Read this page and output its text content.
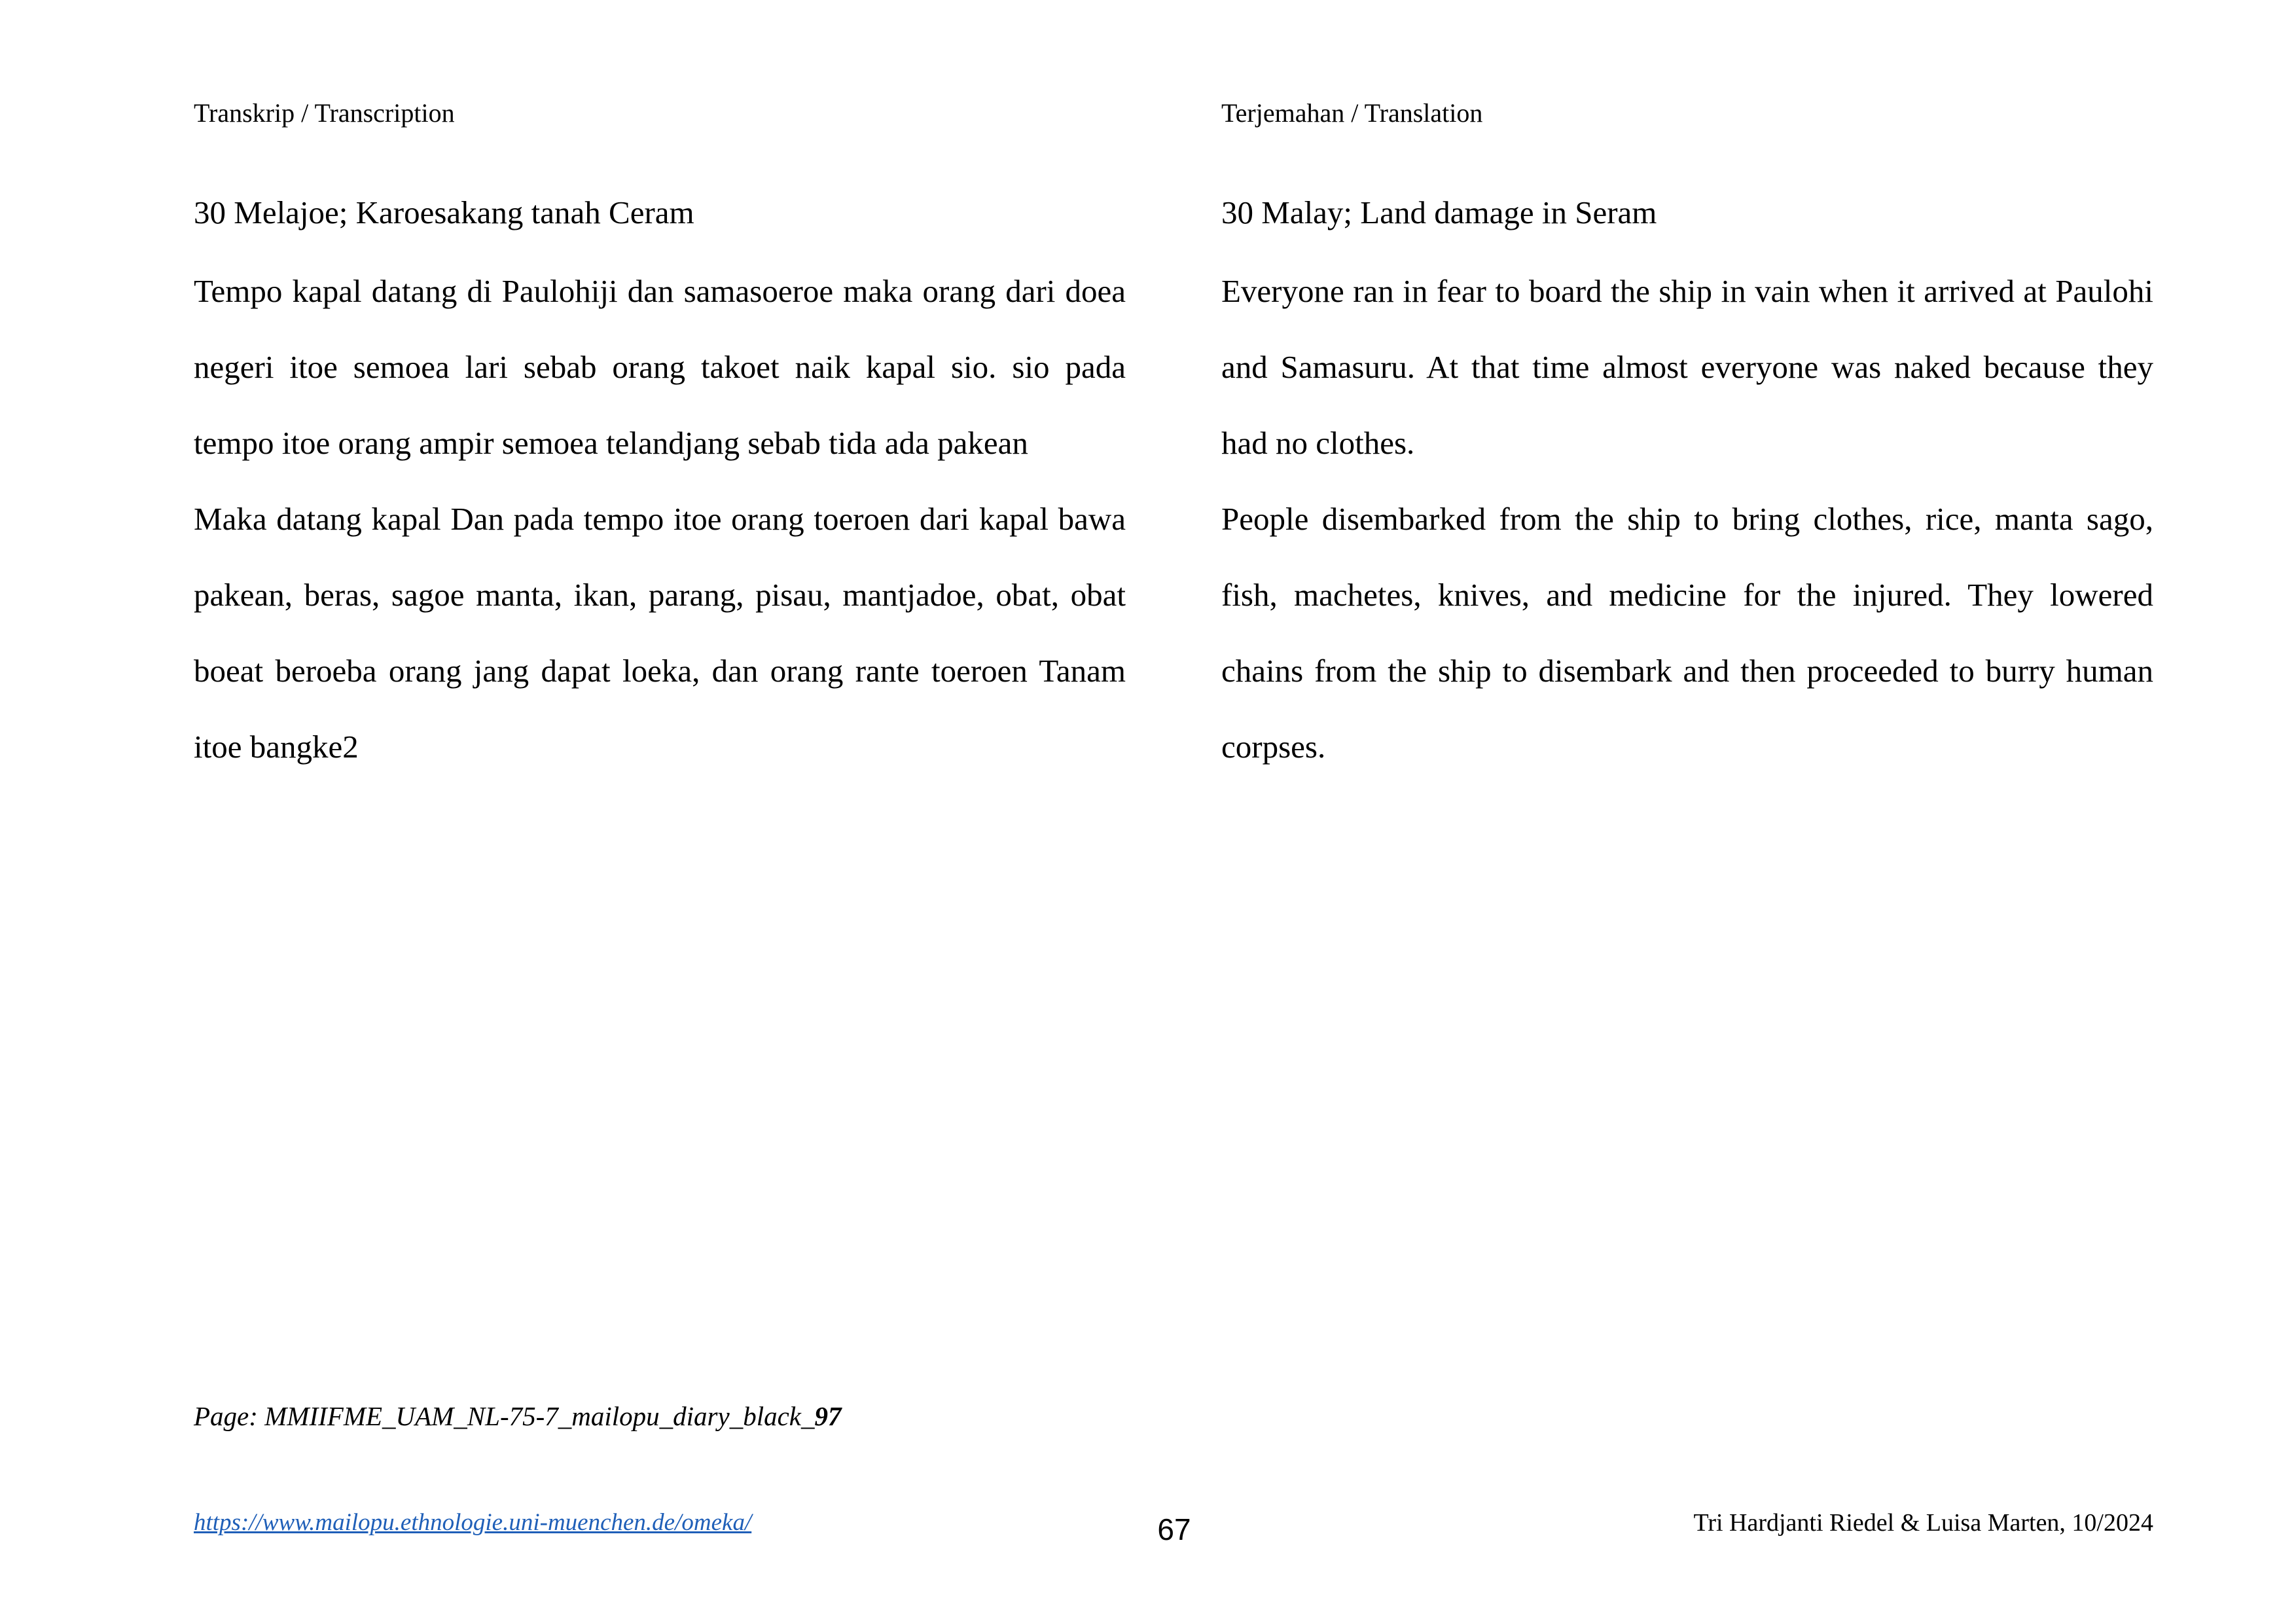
Transkrip / Transcription
30 Melajoe; Karoesakang tanah Ceram

Tempo kapal datang di Paulohiji dan samasoeroe maka orang dari doea negeri itoe semoea lari sebab orang takoet naik kapal sio. sio pada tempo itoe orang ampir semoea telandjang sebab tida ada pakean

Maka datang kapal Dan pada tempo itoe orang toeroen dari kapal bawa pakean, beras, sagoe manta, ikan, parang, pisau, mantjadoe, obat, obat boeat beroeba orang jang dapat loeka, dan orang rante toeroen Tanam itoe bangke2

Terjemahan / Translation
30 Malay; Land damage in Seram

Everyone ran in fear to board the ship in vain when it arrived at Paulohi and Samasuru. At that time almost everyone was naked because they had no clothes.

People disembarked from the ship to bring clothes, rice, manta sago, fish, machetes, knives, and medicine for the injured. They lowered chains from the ship to disembark and then proceeded to burry human corpses.

Page: MMIIFME_UAM_NL-75-7_mailopu_diary_black_97
https://www.mailopu.ethnologie.uni-muenchen.de/omeka/	67	Tri Hardjanti Riedel & Luisa Marten, 10/2024
